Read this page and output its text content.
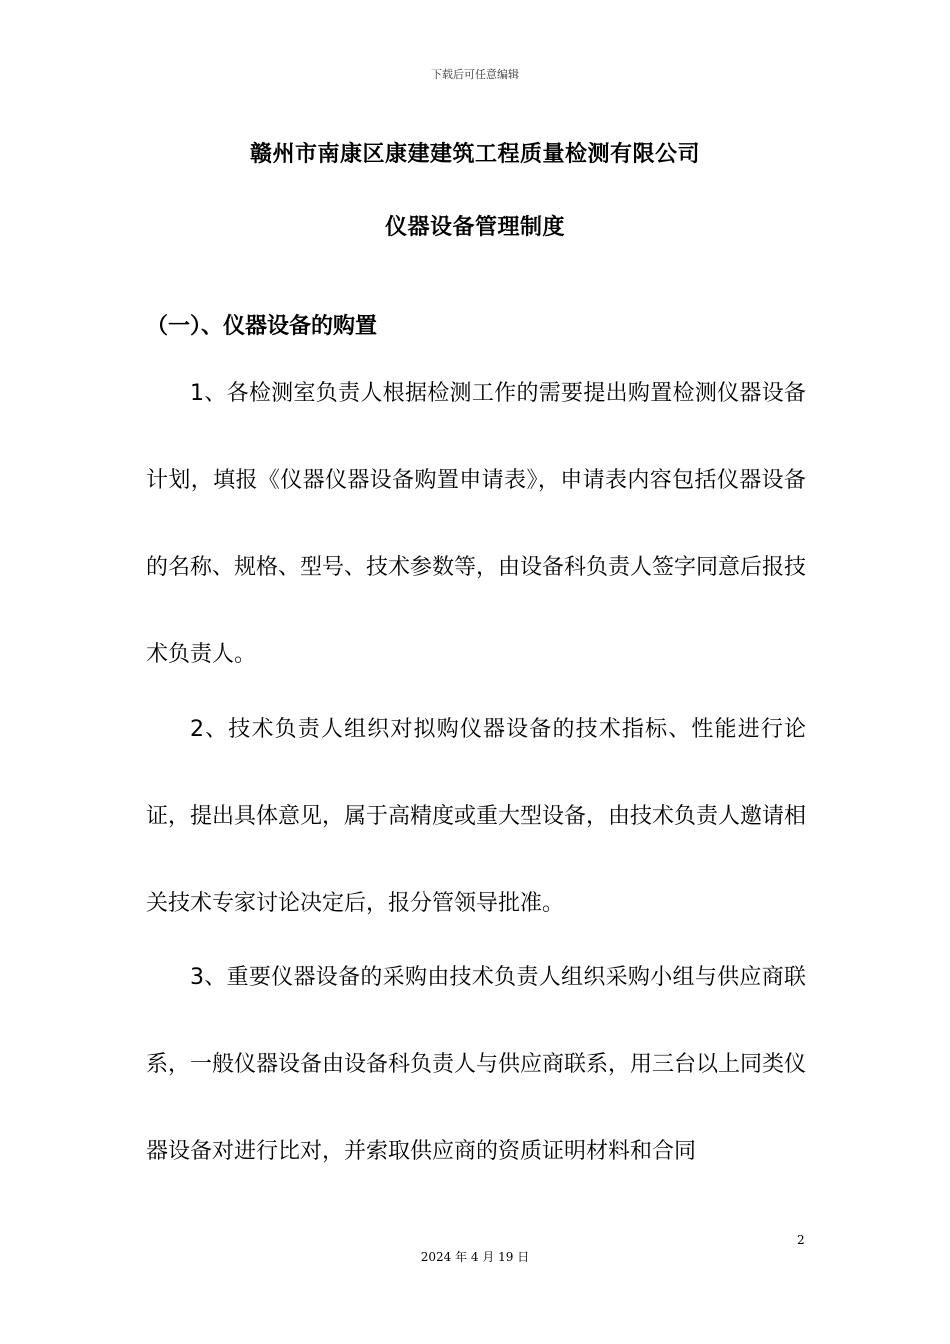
下载后可任意编辑
赣州市南康区康建建筑工程质量检测有限公司
仪器设备管理制度
（一）、仪器设备的购置

1、各检测室负责人根据检测工作的需要提出购置检测仪器设备计划，填报《仪器仪器设备购置申请表》，申请表内容包括仪器设备的名称、规格、型号、技术参数等，由设备科负责人签字同意后报技术负责人。

2、技术负责人组织对拟购仪器设备的技术指标、性能进行论证，提出具体意见，属于高精度或重大型设备，由技术负责人邀请相关技术专家讨论决定后，报分管领导批准。

3、重要仪器设备的采购由技术负责人组织采购小组与供应商联系，一般仪器设备由设备科负责人与供应商联系，用三台以上同类仪器设备对进行比对，并索取供应商的资质证明材料和合同

2
2024 年 4 月 19 日
